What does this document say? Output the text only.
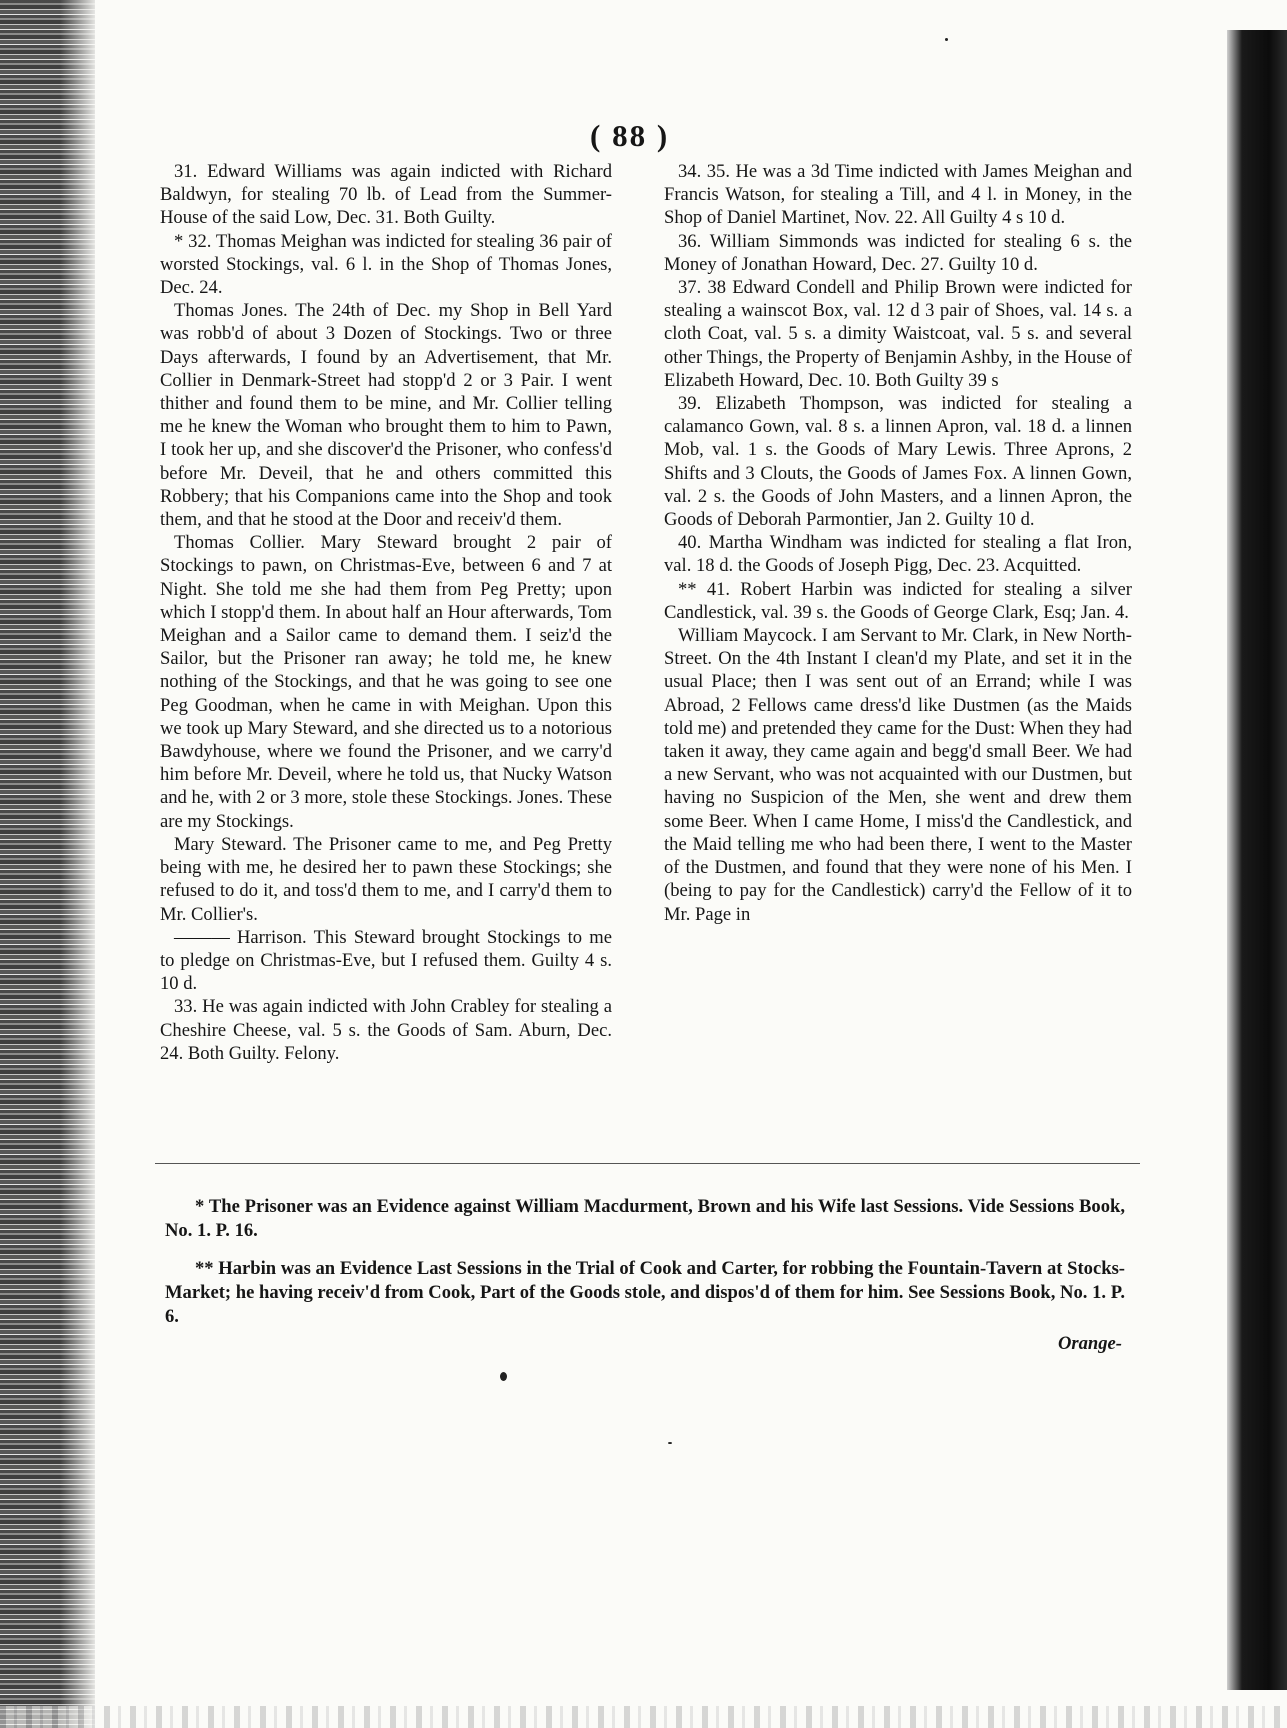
( 88 )

31. Edward Williams was again indicted with Richard Baldwyn, for stealing 70 lb. of Lead from the Summer-House of the said Low, Dec. 31. Both Guilty.

* 32. Thomas Meighan was indicted for stealing 36 pair of worsted Stockings, val. 6 l. in the Shop of Thomas Jones, Dec. 24.

Thomas Jones. The 24th of Dec. my Shop in Bell Yard was robb'd of about 3 Dozen of Stockings. Two or three Days afterwards, I found by an Advertisement, that Mr. Collier in Denmark-Street had stopp'd 2 or 3 Pair. I went thither and found them to be mine, and Mr. Collier telling me he knew the Woman who brought them to him to Pawn, I took her up, and she discover'd the Prisoner, who confess'd before Mr. Deveil, that he and others committed this Robbery; that his Companions came into the Shop and took them, and that he stood at the Door and receiv'd them.

Thomas Collier. Mary Steward brought 2 pair of Stockings to pawn, on Christmas-Eve, between 6 and 7 at Night. She told me she had them from Peg Pretty; upon which I stopp'd them. In about half an Hour afterwards, Tom Meighan and a Sailor came to demand them. I seiz'd the Sailor, but the Prisoner ran away; he told me, he knew nothing of the Stockings, and that he was going to see one Peg Goodman, when he came in with Meighan. Upon this we took up Mary Steward, and she directed us to a notorious Bawdyhouse, where we found the Prisoner, and we carry'd him before Mr. Deveil, where he told us, that Nucky Watson and he, with 2 or 3 more, stole these Stockings. Jones. These are my Stockings.

Mary Steward. The Prisoner came to me, and Peg Pretty being with me, he desired her to pawn these Stockings; she refused to do it, and toss'd them to me, and I carry'd them to Mr. Collier's.

——— Harrison. This Steward brought Stockings to me to pledge on Christmas-Eve, but I refused them. Guilty 4 s. 10 d.

33. He was again indicted with John Crabley for stealing a Cheshire Cheese, val. 5 s. the Goods of Sam. Aburn, Dec. 24. Both Guilty. Felony.

34. 35. He was a 3d Time indicted with James Meighan and Francis Watson, for stealing a Till, and 4 l. in Money, in the Shop of Daniel Martinet, Nov. 22. All Guilty 4 s 10 d.

36. William Simmonds was indicted for stealing 6 s. the Money of Jonathan Howard, Dec. 27. Guilty 10 d.

37. 38 Edward Condell and Philip Brown were indicted for stealing a wainscot Box, val. 12 d 3 pair of Shoes, val. 14 s. a cloth Coat, val. 5 s. a dimity Waistcoat, val. 5 s. and several other Things, the Property of Benjamin Ashby, in the House of Elizabeth Howard, Dec. 10. Both Guilty 39 s

39. Elizabeth Thompson, was indicted for stealing a calamanco Gown, val. 8 s. a linnen Apron, val. 18 d. a linnen Mob, val. 1 s. the Goods of Mary Lewis. Three Aprons, 2 Shifts and 3 Clouts, the Goods of James Fox. A linnen Gown, val. 2 s. the Goods of John Masters, and a linnen Apron, the Goods of Deborah Parmontier, Jan 2. Guilty 10 d.

40. Martha Windham was indicted for stealing a flat Iron, val. 18 d. the Goods of Joseph Pigg, Dec. 23. Acquitted.

** 41. Robert Harbin was indicted for stealing a silver Candlestick, val. 39 s. the Goods of George Clark, Esq; Jan. 4.

William Maycock. I am Servant to Mr. Clark, in New North-Street. On the 4th Instant I clean'd my Plate, and set it in the usual Place; then I was sent out of an Errand; while I was Abroad, 2 Fellows came dress'd like Dustmen (as the Maids told me) and pretended they came for the Dust: When they had taken it away, they came again and begg'd small Beer. We had a new Servant, who was not acquainted with our Dustmen, but having no Suspicion of the Men, she went and drew them some Beer. When I came Home, I miss'd the Candlestick, and the Maid telling me who had been there, I went to the Master of the Dustmen, and found that they were none of his Men. I (being to pay for the Candlestick) carry'd the Fellow of it to Mr. Page in

* The Prisoner was an Evidence against William Macdurment, Brown and his Wife last Sessions. Vide Sessions Book, No. 1. P. 16.

** Harbin was an Evidence Last Sessions in the Trial of Cook and Carter, for robbing the Fountain-Tavern at Stocks-Market; he having receiv'd from Cook, Part of the Goods stole, and dispos'd of them for him. See Sessions Book, No. 1. P. 6.

Orange-
